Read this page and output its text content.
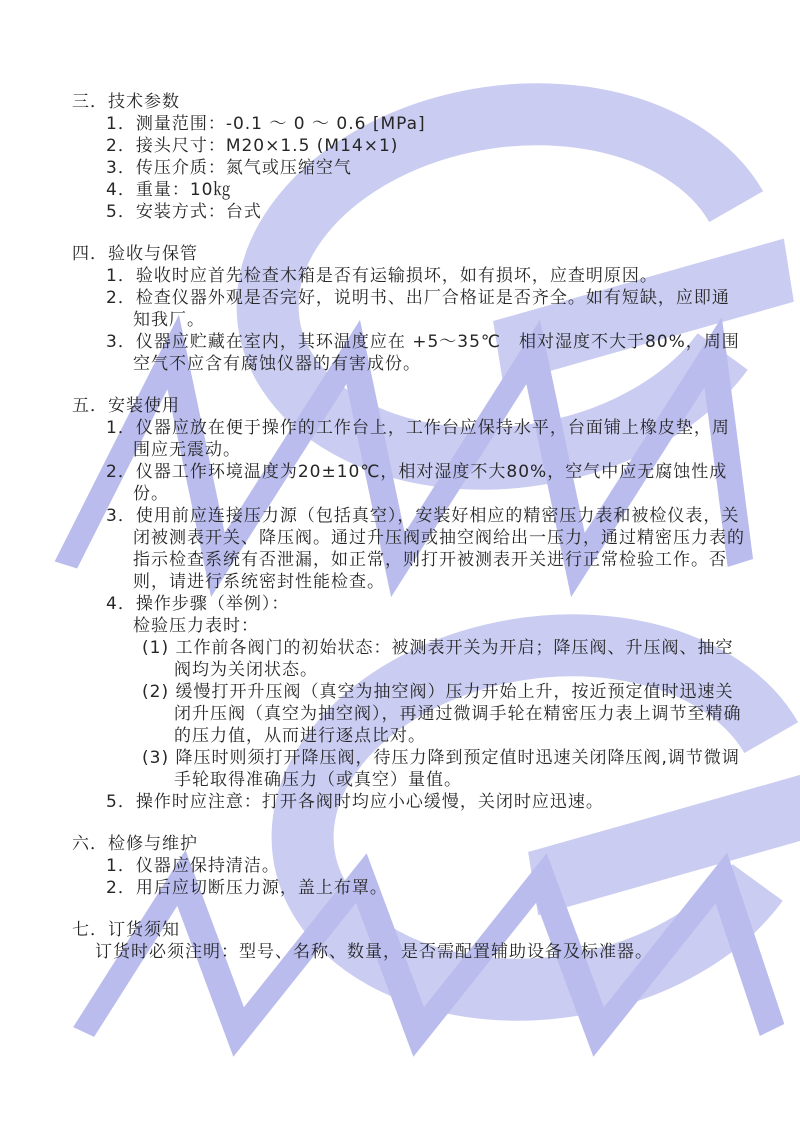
三．技术参数
1．测量范围：-0.1 ～ 0 ～ 0.6 [MPa]
2．接头尺寸：M20×1.5 (M14×1)
3．传压介质：氮气或压缩空气
4．重量：10㎏
5．安装方式：台式
四．验收与保管
1．验收时应首先检查木箱是否有运输损坏，如有损坏，应查明原因。
2．检查仪器外观是否完好，说明书、出厂合格证是否齐全。如有短缺，应即通知我厂。
3．仪器应贮藏在室内，其环温度应在 +5～35℃　相对湿度不大于80%，周围空气不应含有腐蚀仪器的有害成份。
五．安装使用
1．仪器应放在便于操作的工作台上，工作台应保持水平，台面铺上橡皮垫，周围应无震动。
2．仪器工作环境温度为20±10℃，相对湿度不大80%，空气中应无腐蚀性成份。
3．使用前应连接压力源（包括真空），安装好相应的精密压力表和被检仪表，关闭被测表开关、降压阀。通过升压阀或抽空阀给出一压力，通过精密压力表的指示检查系统有否泄漏，如正常，则打开被测表开关进行正常检验工作。否则，请进行系统密封性能检查。
4．操作步骤（举例）：
检验压力表时：
(1) 工作前各阀门的初始状态：被测表开关为开启；降压阀、升压阀、抽空阀均为关闭状态。
(2) 缓慢打开升压阀（真空为抽空阀）压力开始上升，按近预定值时迅速关闭升压阀（真空为抽空阀），再通过微调手轮在精密压力表上调节至精确的压力值，从而进行逐点比对。
(3) 降压时则须打开降压阀，待压力降到预定值时迅速关闭降压阀,调节微调手轮取得准确压力（或真空）量值。
5．操作时应注意：打开各阀时均应小心缓慢，关闭时应迅速。
六．检修与维护
1．仪器应保持清洁。
2．用后应切断压力源，盖上布罩。
七．订货须知
订货时必须注明：型号、名称、数量，是否需配置辅助设备及标准器。
